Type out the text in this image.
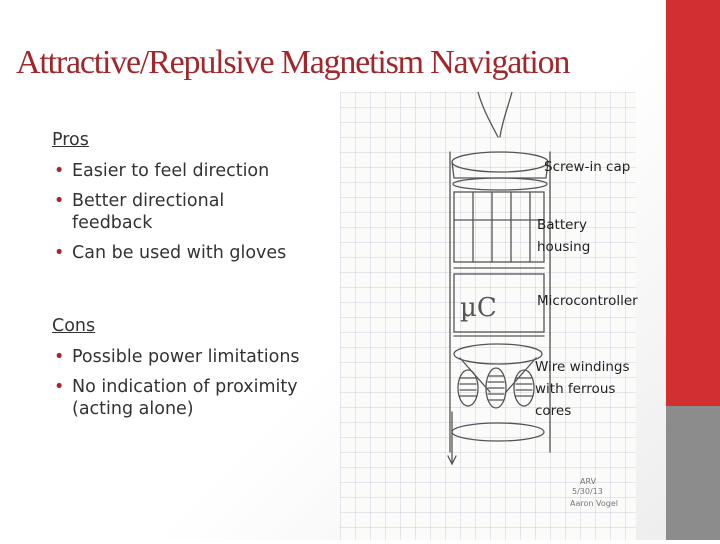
Attractive/Repulsive Magnetism Navigation
Pros
• Easier to feel direction
• Better directional feedback
• Can be used with gloves
Cons
• Possible power limitations
• No indication of proximity (acting alone)
µC
ARV
5/30/13
Aaron Vogel
Screw-in cap
Battery housing
Microcontroller
Wire windings
with ferrous
cores
